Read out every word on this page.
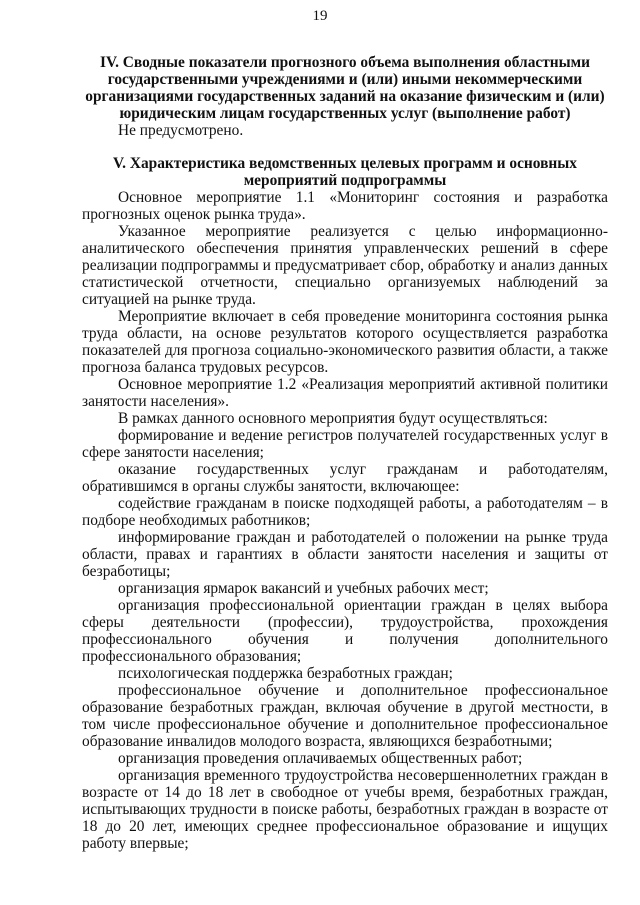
19

IV. Сводные показатели прогнозного объема выполнения областными государственными учреждениями и (или) иными некоммерческими организациями государственных заданий на оказание физическим и (или) юридическим лицам государственных услуг (выполнение работ)

Не предусмотрено.

V. Характеристика ведомственных целевых программ и основных мероприятий подпрограммы

Основное мероприятие 1.1 «Мониторинг состояния и разработка прогнозных оценок рынка труда».

Указанное мероприятие реализуется с целью информационно-аналитического обеспечения принятия управленческих решений в сфере реализации подпрограммы и предусматривает сбор, обработку и анализ данных статистической отчетности, специально организуемых наблюдений за ситуацией на рынке труда.

Мероприятие включает в себя проведение мониторинга состояния рынка труда области, на основе результатов которого осуществляется разработка показателей для прогноза социально-экономического развития области, а также прогноза баланса трудовых ресурсов.

Основное мероприятие 1.2 «Реализация мероприятий активной политики занятости населения».

В рамках данного основного мероприятия будут осуществляться:

формирование и ведение регистров получателей государственных услуг в сфере занятости населения;

оказание государственных услуг гражданам и работодателям, обратившимся в органы службы занятости, включающее:

содействие гражданам в поиске подходящей работы, а работодателям – в подборе необходимых работников;

информирование граждан и работодателей о положении на рынке труда области, правах и гарантиях в области занятости населения и защиты от безработицы;

организация ярмарок вакансий и учебных рабочих мест;

организация профессиональной ориентации граждан в целях выбора сферы деятельности (профессии), трудоустройства, прохождения профессионального обучения и получения дополнительного профессионального образования;

психологическая поддержка безработных граждан;

профессиональное обучение и дополнительное профессиональное образование безработных граждан, включая обучение в другой местности, в том числе профессиональное обучение и дополнительное профессиональное образование инвалидов молодого возраста, являющихся безработными;

организация проведения оплачиваемых общественных работ;

организация временного трудоустройства несовершеннолетних граждан в возрасте от 14 до 18 лет в свободное от учебы время, безработных граждан, испытывающих трудности в поиске работы, безработных граждан в возрасте от 18 до 20 лет, имеющих среднее профессиональное образование и ищущих работу впервые;
